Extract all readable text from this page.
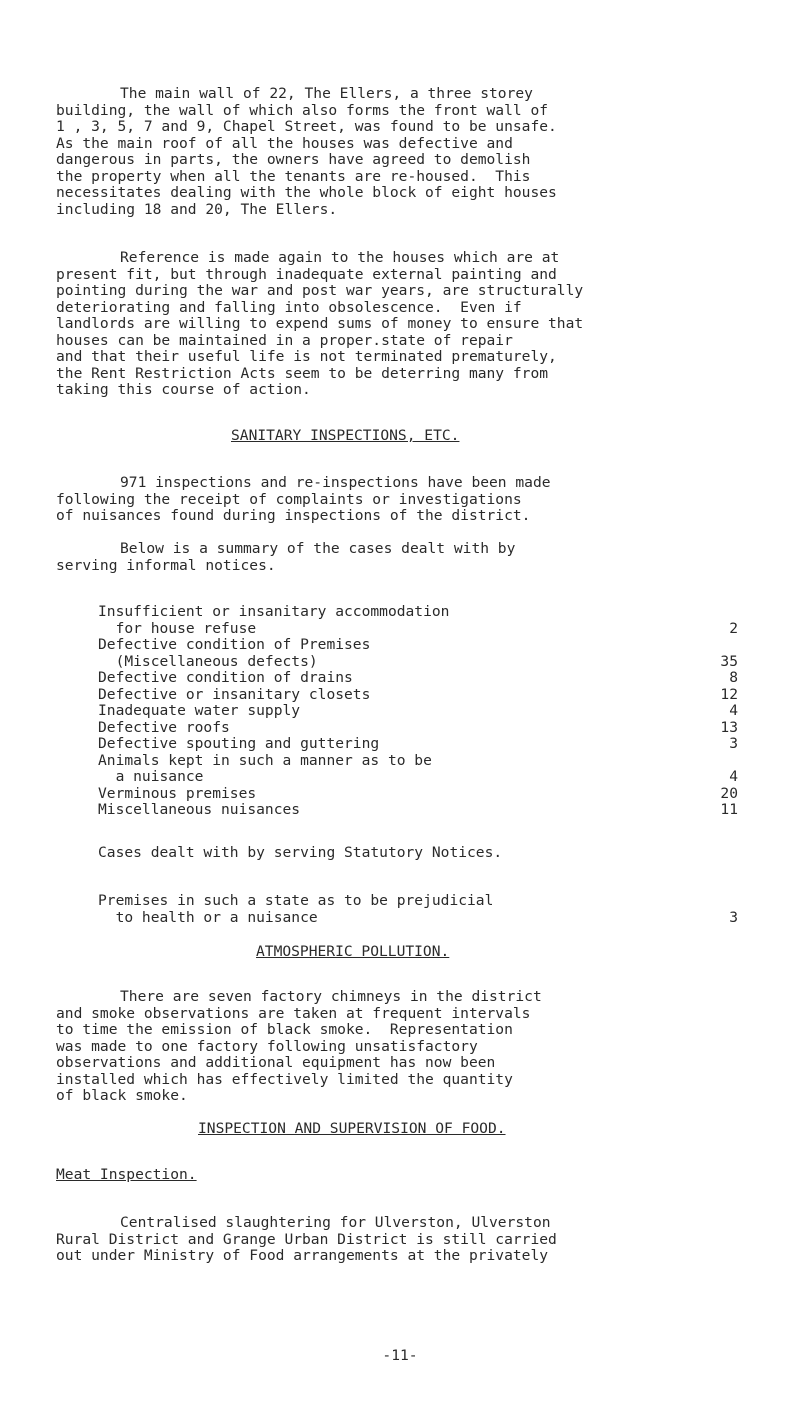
The main wall of 22, The Ellers, a three storey
building, the wall of which also forms the front wall of
1 , 3, 5, 7 and 9, Chapel Street, was found to be unsafe.
As the main roof of all the houses was defective and
dangerous in parts, the owners have agreed to demolish
the property when all the tenants are re-housed.  This
necessitates dealing with the whole block of eight houses
including 18 and 20, The Ellers.
Reference is made again to the houses which are at
present fit, but through inadequate external painting and
pointing during the war and post war years, are structurally
deteriorating and falling into obsolescence.  Even if
landlords are willing to expend sums of money to ensure that
houses can be maintained in a proper.state of repair
and that their useful life is not terminated prematurely,
the Rent Restriction Acts seem to be deterring many from
taking this course of action.
SANITARY INSPECTIONS, ETC.
971 inspections and re-inspections have been made
following the receipt of complaints or investigations
of nuisances found during inspections of the district.
Below is a summary of the cases dealt with by
serving informal notices.
Insufficient or insanitary accommodation
for house refuse	2
Defective condition of Premises
(Miscellaneous defects)	35
Defective condition of drains	8
Defective or insanitary closets	12
Inadequate water supply	4
Defective roofs	13
Defective spouting and guttering	3
Animals kept in such a manner as to be
a nuisance	4
Verminous premises	20
Miscellaneous nuisances	11
Cases dealt with by serving Statutory Notices.
Premises in such a state as to be prejudicial
to health or a nuisance	3
ATMOSPHERIC POLLUTION.
There are seven factory chimneys in the district
and smoke observations are taken at frequent intervals
to time the emission of black smoke.  Representation
was made to one factory following unsatisfactory
observations and additional equipment has now been
installed which has effectively limited the quantity
of black smoke.
INSPECTION AND SUPERVISION OF FOOD.
Meat Inspection.
Centralised slaughtering for Ulverston, Ulverston
Rural District and Grange Urban District is still carried
out under Ministry of Food arrangements at the privately
-11-
